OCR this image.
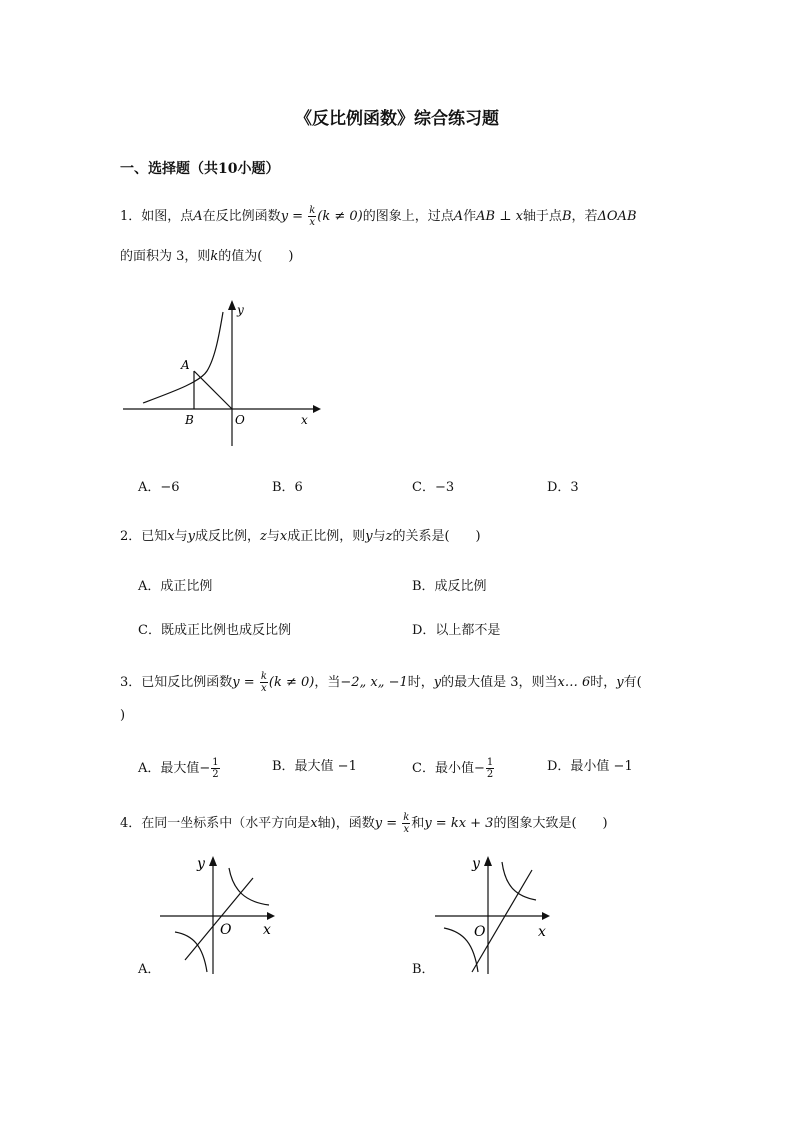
《反比例函数》综合练习题
一、选择题（共10小题）
1．如图，点A在反比例函数$y = \frac{k}{x} (k \ne 0)$的图象上，过点A作AB ⊥ x轴于点B，若ΔOAB
的面积为 3，则k的值为(　　)
y
A
B	O	x
A．−6	B．6	C．−3	D．3
2．已知x与y成反比例，z与x成正比例，则y与z的关系是(　　)
A．成正比例	B．成反比例
C．既成正比例也成反比例	D．以上都不是
3．已知反比例函数$y = \frac{k}{x} (k \ne 0)$，当−2„ x„ −1时，y的最大值是 3，则当x… 6时，y有(
)
A．最大值− $\frac{1}{2}$	B．最大值 −1	C．最小值− $\frac{1}{2}$	D．最小值 −1
4．在同一坐标系中（水平方向是x轴)，函数$y = \frac{k}{x}$ 和y = kx + 3的图象大致是(　　)
y
O x
A．
y
O	x
B．
